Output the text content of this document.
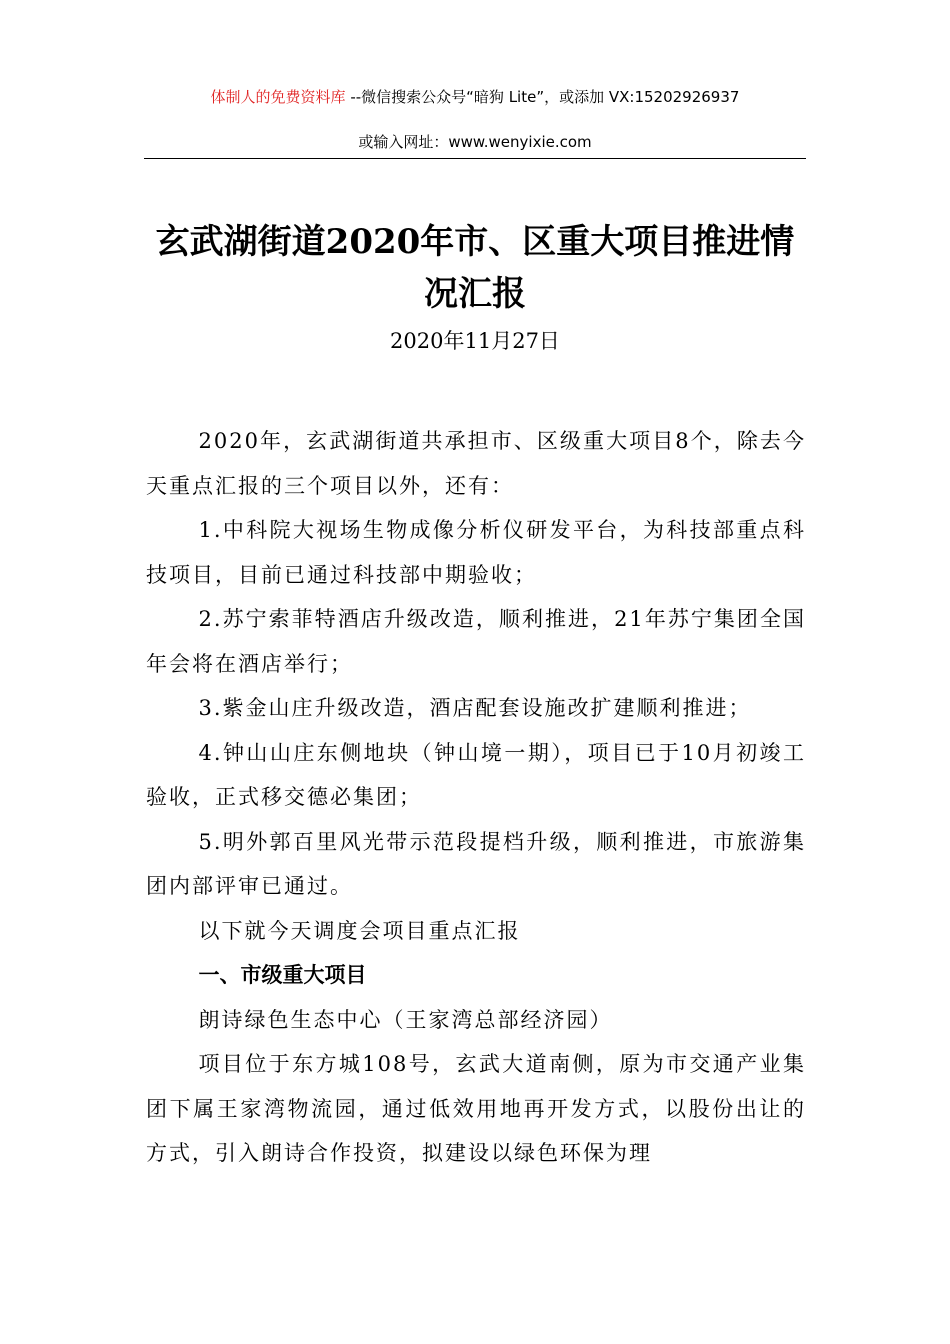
体制人的免费资料库 --微信搜索公众号“暗狗 Lite”，或添加 VX:15202926937
或输入网址：www.wenyixie.com
玄武湖街道2020年市、区重大项目推进情况汇报
2020年11月27日

2020年，玄武湖街道共承担市、区级重大项目8个，除去今天重点汇报的三个项目以外，还有：

1.中科院大视场生物成像分析仪研发平台，为科技部重点科技项目，目前已通过科技部中期验收；

2.苏宁索菲特酒店升级改造，顺利推进，21年苏宁集团全国年会将在酒店举行；

3.紫金山庄升级改造，酒店配套设施改扩建顺利推进；

4.钟山山庄东侧地块（钟山境一期），项目已于10月初竣工验收，正式移交德必集团；

5.明外郭百里风光带示范段提档升级，顺利推进，市旅游集团内部评审已通过。

以下就今天调度会项目重点汇报

一、市级重大项目

朗诗绿色生态中心（王家湾总部经济园）

项目位于东方城108号，玄武大道南侧，原为市交通产业集团下属王家湾物流园，通过低效用地再开发方式，以股份出让的方式，引入朗诗合作投资，拟建设以绿色环保为理
